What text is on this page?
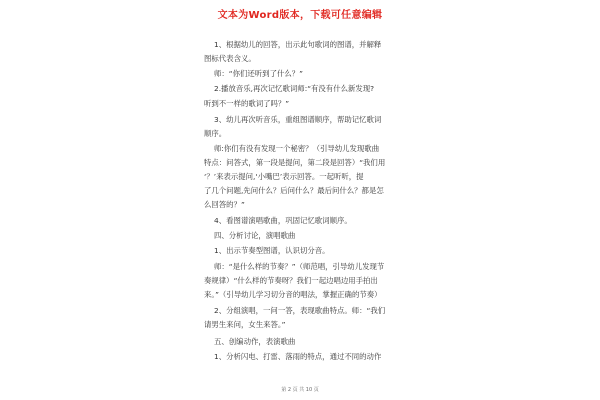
文本为Word版本，下载可任意编辑
1、根据幼儿的回答，出示此句歌词的图谱，并解释
图标代表含义。
师：“你们还听到了什么？”
2.播放音乐,再次记忆歌词师:“有没有什么新发现?
听到不一样的歌词了吗？”
3、幼儿再次听音乐，重组图谱顺序，帮助记忆歌词
顺序。
师:你们有没有发现一个秘密？（引导幼儿发现歌曲
特点：问答式，第一段是提问，第二段是回答）“我们用
‘？’来表示提问,‘小嘴巴’表示回答。一起听听，提
了几个问题,先问什么？后问什么？最后问什么？都是怎
么回答的？”
4、看图谱演唱歌曲，巩固记忆歌词顺序。
四、分析讨论，演唱歌曲
1、出示节奏型图谱，认识切分音。
师：“是什么样的节奏？”（师范唱，引导幼儿发现节
奏规律）“什么样的节奏呀？我们一起边唱边用手拍出
来。”（引导幼儿学习切分音的唱法，掌握正确的节奏）
2、分组演唱，一问一答，表现歌曲特点。师：“我们
请男生来问，女生来答。”
五、创编动作，表演歌曲
1、分析闪电、打雷、落雨的特点，通过不同的动作
第 2 页 共 10 页
